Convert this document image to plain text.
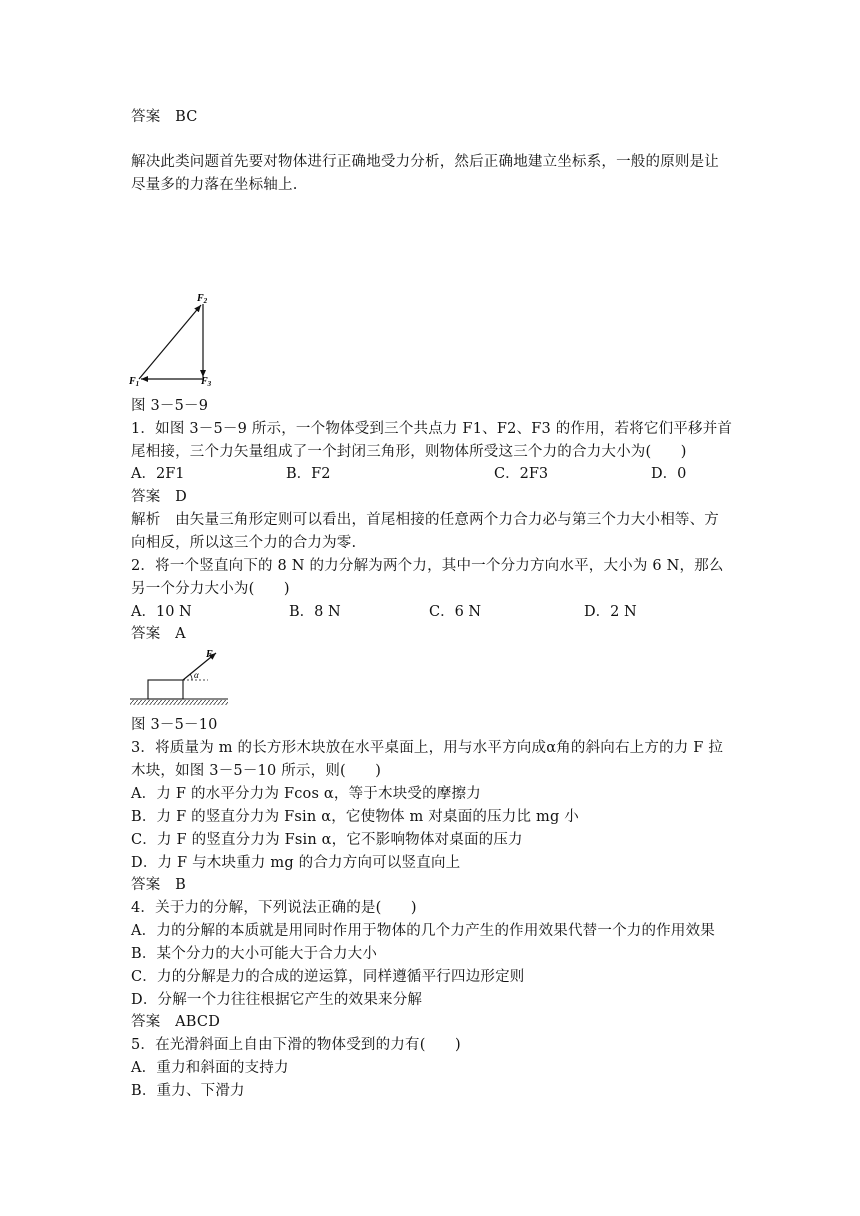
答案　BC
解决此类问题首先要对物体进行正确地受力分析，然后正确地建立坐标系，一般的原则是让
尽量多的力落在坐标轴上.
$F_2$
$F_1$	$F_3$
图 3－5－9
1．如图 3－5－9 所示，一个物体受到三个共点力 F1、F2、F3 的作用，若将它们平移并首
尾相接，三个力矢量组成了一个封闭三角形，则物体所受这三个力的合力大小为(　　)
A．2F1	B．F2	C．2F3	D．0
答案　D
解析　由矢量三角形定则可以看出，首尾相接的任意两个力合力必与第三个力大小相等、方
向相反，所以这三个力的合力为零.
2．将一个竖直向下的 8 N 的力分解为两个力，其中一个分力方向水平，大小为 6 N，那么
另一个分力大小为(　　)
A．10 N	B．8 N	C．6 N	D．2 N
答案　A
F
α
图 3－5－10
3．将质量为 m 的长方形木块放在水平桌面上，用与水平方向成α角的斜向右上方的力 F 拉
木块，如图 3－5－10 所示，则(　　)
A．力 F 的水平分力为 Fcos α，等于木块受的摩擦力
B．力 F 的竖直分力为 Fsin α，它使物体 m 对桌面的压力比 mg 小
C．力 F 的竖直分力为 Fsin α，它不影响物体对桌面的压力
D．力 F 与木块重力 mg 的合力方向可以竖直向上
答案　B
4．关于力的分解，下列说法正确的是(　　)
A．力的分解的本质就是用同时作用于物体的几个力产生的作用效果代替一个力的作用效果
B．某个分力的大小可能大于合力大小
C．力的分解是力的合成的逆运算，同样遵循平行四边形定则
D．分解一个力往往根据它产生的效果来分解
答案　ABCD
5．在光滑斜面上自由下滑的物体受到的力有(　　)
A．重力和斜面的支持力
B．重力、下滑力
